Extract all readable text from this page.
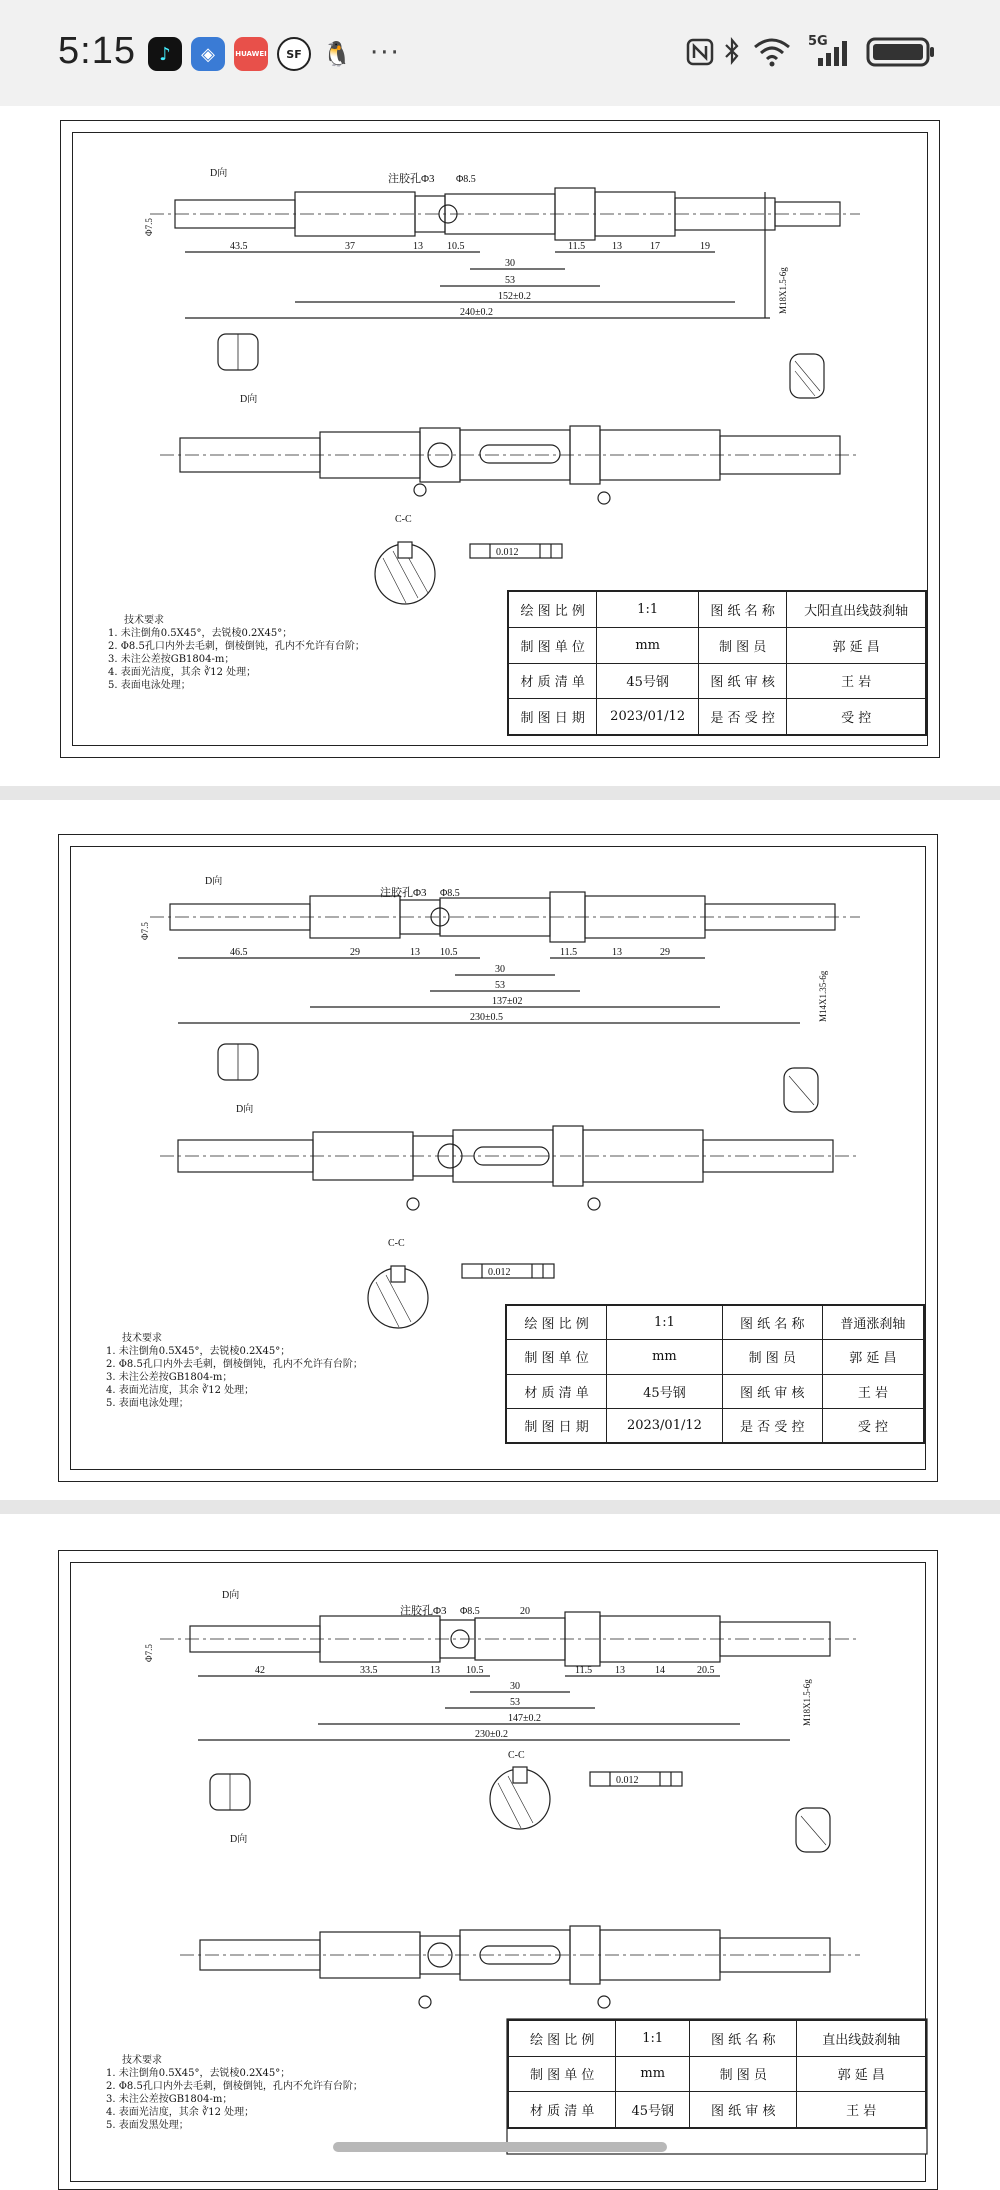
5:15 ♪ ◈	HUAWEI SF 🐧 ···	5G
43.5	37	13 10.5	11.5	13	17	19
30
53
152±0.2
240±0.2
注胶孔Φ3 Φ8.5
D向
D向
C-C
0.012
M18X1.5-6g
Φ7.5
技术要求
1. 未注倒角0.5X45°，去锐棱0.2X45°；
2. Φ8.5孔口内外去毛刺，倒棱倒钝，孔内不允许有台阶；
3. 未注公差按GB1804-m；
4. 表面光洁度，其余 ∛12 处理；
5. 表面电泳处理；
绘 图 比 例	1:1	图 纸 名 称	大阳直出线鼓刹轴
制 图 单 位	mm	制 图 员	郭 延 昌
材 质 清 单	45号钢	图 纸 审 核	王 岩
制 图 日 期	2023/01/12	是 否 受 控	受 控
46.5	29	13 10.5	11.5	13	29
30
53
137±02
230±0.5
注胶孔Φ3 Φ8.5
D向
D向
C-C
0.012
M14X1.35-6g
Φ7.5
技术要求
1. 未注倒角0.5X45°，去锐棱0.2X45°；
2. Φ8.5孔口内外去毛刺，倒棱倒钝，孔内不允许有台阶；
3. 未注公差按GB1804-m；
4. 表面光洁度，其余 ∛12 处理；
5. 表面电泳处理；
绘 图 比 例	1:1	图 纸 名 称	普通涨刹轴
制 图 单 位	mm	制 图 员	郭 延 昌
材 质 清 单	45号钢	图 纸 审 核	王 岩
制 图 日 期	2023/01/12	是 否 受 控	受 控
42	33.5	13	10.5	11.5 13	14	20.5
30
53
147±0.2
230±0.2
注胶孔Φ3 Φ8.5	20
D向
D向
C-C
0.012
M18X1.5-6g
Φ7.5
技术要求
1. 未注倒角0.5X45°，去锐棱0.2X45°；
2. Φ8.5孔口内外去毛刺，倒棱倒钝，孔内不允许有台阶；
3. 未注公差按GB1804-m；
4. 表面光洁度，其余 ∛12 处理；
5. 表面发黑处理；
绘 图 比 例	1:1	图 纸 名 称	直出线鼓刹轴
制 图 单 位	mm	制 图 员	郭 延 昌
材 质 清 单	45号钢	图 纸 审 核	王 岩
